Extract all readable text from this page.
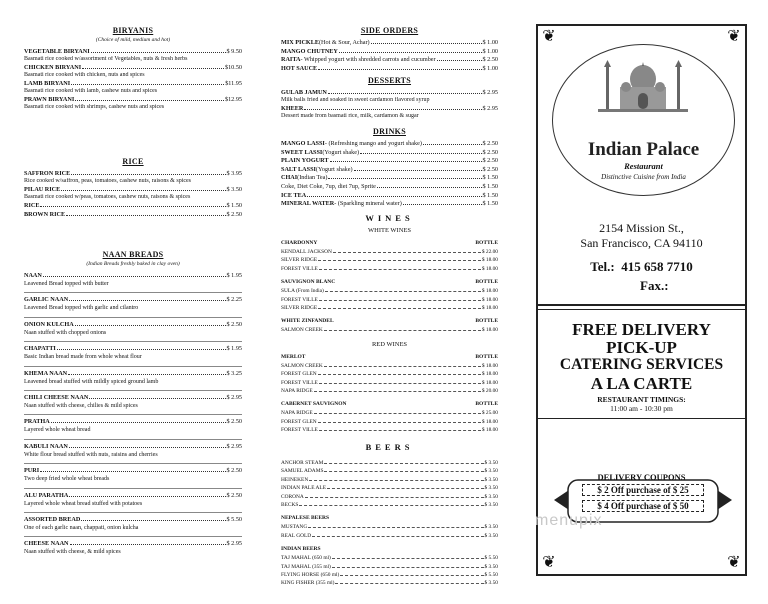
BIRYANIS
(Choice of mild, medium and hot)
VEGETABLE BIRYANI	$ 9.50
Basmati rice cooked w/assortment of Vegetables, nuts & fresh herbs
CHICKEN BIRYANI	$10.50
Basmati rice cooked with chicken, nuts and spices
LAMB BIRYANI	$11.95
Basmati rice cooked with lamb, cashew nuts and spices
PRAWN BIRYANI	$12.95
Basmati rice cooked with shrimps, cashew nuts and spices
RICE
SAFFRON RICE	$ 3.95
Rice cooked w/saffron, peas, tomatoes, cashew nuts, raisons & spices
PILAU RICE	$ 3.50
Basmati rice cooked w/peas, tomatoes, cashew nuts, raisons & spices
RICE	$ 1.50
BROWN RICE	$ 2.50
NAAN BREADS
(Indian Breads freshly baked in clay oven)
NAAN	$ 1.95
Leavened Bread topped with butter
GARLIC NAAN	$ 2.25
Leavened Bread topped with garlic and cilantro
ONION KULCHA	$ 2.50
Naan stuffed with chopped onions
CHAPATTI	$ 1.95
Basic Indian bread made from whole wheat flour
KHEMA NAAN	$ 3.25
Leavened bread stuffed with mildly spiced ground lamb
CHILI CHEESE NAAN	$ 2.95
Naan stuffed with cheese, chilies & mild spices
PRATHA	$ 2.50
Layered whole wheat bread
KABULI NAAN	$ 2.95
White flour bread stuffed with nuts, raisins and cherries
PURI	$ 2.50
Two deep fried whole wheat breads
ALU PARATHA	$ 2.50
Layered whole wheat bread stuffed with potatoes
ASSORTED BREAD	$ 5.50
One of each garlic naan, chappati, onion kulcha
CHEESE NAAN	$ 2.95
Naan stuffed with cheese, & mild spices
SIDE ORDERS
MIX PICKLE (Hot & Sour, Achar)	$ 1.00
MANGO CHUTNEY	$ 1.00
RAITA - Whipped yogurt with shredded carrots and cucumber	$ 2.50
HOT SAUCE	$ 1.00
DESSERTS
GULAB JAMUN	$ 2.95
Milk balls fried and soaked in sweet cardamon flavored syrup
KHEER	$ 2.95
Dessert made from basmati rice, milk, cardamon & sugar
DRINKS
MANGO LASSI - (Refreshing mango and yogurt shake)	$ 2.50
SWEET LASSI (Yogurt shake)	$ 2.50
PLAIN YOGURT	$ 2.50
SALT LASSI (Yogurt shake)	$ 2.50
CHAI (Indian Tea)	$ 1.50
Coke, Diet Coke, 7up, diet 7up, Sprite	$ 1.50
ICE TEA	$ 1.50
MINERAL WATER - (Sparkling mineral water)	$ 1.50
WINES
WHITE WINES
CHARDONNY	BOTTLE
KENDALL JACKSON	$ 22.00
SILVER RIDGE	$ 18.00
FOREST VILLE	$ 18.00
SAUVIGNON BLANC	BOTTLE
SULA (From India)	$ 18.00
FOREST VILLE	$ 18.00
SILVER RIDGE	$ 18.00
WHITE ZINFANDEL	BOTTLE
SALMON CREEK	$ 18.00
RED WINES
MERLOT	BOTTLE
SALMON CREEK	$ 18.00
FOREST GLEN	$ 18.00
FOREST VILLE	$ 18.00
NAPA RIDGE	$ 20.00
CABERNET SAUVIGNON	BOTTLE
NAPA RIDGE	$ 25.00
FOREST GLEN	$ 18.00
FOREST VILLE	$ 18.00
BEERS
ANCHOR STEAM	$ 3.50
SAMUEL ADAMS	$ 3.50
HEINEKEN	$ 3.50
INDIAN PALE ALE	$ 3.50
CORONA	$ 3.50
BECKS	$ 3.50
NEPALESE BEERS
MUSTANG	$ 3.50
REAL GOLD	$ 3.50
INDIAN BEERS
TAJ MAHAL (650 ml)	$ 5.50
TAJ MAHAL (355 ml)	$ 3.50
FLYING HORSE (650 ml)	$ 5.50
KING FISHER (355 ml)	$ 3.50
❦	❦
❦	❦
Indian Palace
Restaurant
Distinctive Cuisine from India
2154 Mission St.,
San Francisco, CA 94110
Tel.: 415 658 7710
Fax.:
FREE DELIVERY
PICK-UP
CATERING SERVICES
A LA CARTE
RESTAURANT TIMINGS:
11:00 am - 10:30 pm
DELIVERY COUPONS
$ 2 Off purchase of $ 25
$ 4 Off purchase of $ 50
menupix
